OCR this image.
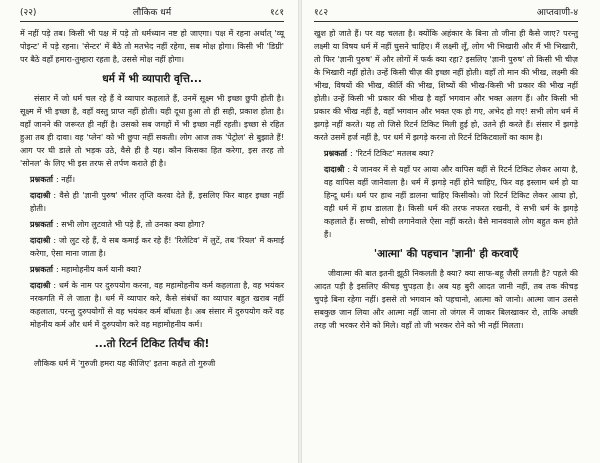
(२२)	लौकिक धर्म	१८१

में नहीं पड़े तब। किसी भी पक्ष में पड़े तो धर्मध्यान नष्ट हो जाएगा। पक्ष में रहना अर्थात् 'व्यू पोइन्ट' में पड़े रहना। 'सेन्टर' में बैठे तो मतभेद नहीं रहेगा, सब मोक्ष होगा। किसी भी 'डिग्री' पर बैठे वहाँ हमारा-तुम्हारा रहता है, उससे मोक्ष नहीं होगा।

धर्म में भी व्यापारी वृत्ति...

संसार में जो धर्म चल रहे हैं वे व्यापार कहलाते हैं, उनमें सूक्ष्म भी इच्छा छुपी होती है। सूक्ष्म में भी इच्छा है, वहाँ वस्तु प्राप्त नहीं होती। यही दूधा हुआ तो ही सही, प्रकाश होता है। वहाँ जानने की जरूरत ही नहीं है। उसको सब जगहों में भी इच्छा नहीं रहती। इच्छा से रहित हुआ तब ही दावा। वह 'प्लेन' को भी छुपा नहीं सकती। लोग आज तक 'पेट्रोल' से बुझाते हैं! आग पर घी डाले तो भड़क उठे, वैसे ही है यह। कौन किसका हित करेगा, इस तरह तो 'सोनल' के लिए भी इस तरफ से तर्पण कराते ही है।

प्रश्नकर्ता : नहीं।

दादाश्री : वैसे ही 'ज्ञानी पुरुष' भीतर तृप्ति करवा देते हैं, इसलिए फिर बाहर इच्छा नहीं होती।

प्रश्नकर्ता : सभी लोग लुटवाते भी पड़े हैं, तो उनका क्या होगा?

दादाश्री : जो लुट रहे हैं, वे सब कमाई कर रहे हैं! 'रिलेटिव' में लुटें, तब 'रियल' में कमाई करेगा, ऐसा माना जाता है।

प्रश्नकर्ता : महामोहनीय कर्म यानी क्या?

दादाश्री : धर्म के नाम पर दुरुपयोग करना, वह महामोहनीय कर्म कहलाता है, वह भयंकर नरकगति में ले जाता है। धर्म में व्यापार करे, कैसे संबंधों का व्यापार बहुत खराब नहीं कहलाता, परन्तु दुरुपयोगों से वह भयंकर कर्म बाँधता है। अब संसार में दुरुपयोग करें वह मोहनीय कर्म और धर्म में दुरुपयोग करे वह महामोहनीय कर्म।

...तो रिटर्न टिकिट तिर्यंच की!

लौकिक धर्म में 'गुरुजी हमरा यह कीजिए' इतना कहते तो गुरुजी

१८२	आप्तवाणी-४

खुश हो जाते हैं। पर वह चलता है। क्योंकि अहंकार के बिना तो जीना ही कैसे जाए? परन्तु लक्ष्मी या विषय धर्म में नहीं घुसने चाहिए। मैं लक्ष्मी लूँ, लोग भी भिखारी और मैं भी भिखारी, तो फिर 'ज्ञानी पुरुष' में और लोगों में फर्क क्या रहा? इसलिए 'ज्ञानी पुरुष' तो किसी भी चीज़ के भिखारी नहीं होते। उन्हें किसी चीज़ की इच्छा नहीं होती। वहाँ तो मान की भीख, लक्ष्मी की भीख, विषयों की भीख, कीर्ति की भीख, शिष्यों की भीख-किसी भी प्रकार की भीख नहीं होती। उन्हें किसी भी प्रकार की भीख है वहाँ भगवान और भक्त अलग हैं। और किसी भी प्रकार की भीख नहीं है, वहाँ भगवान और भक्त एक हो गए, अभेद हो गए! सभी लोग धर्म में झगड़े नहीं करते। यह तो जिसे रिटर्न टिकिट मिली हुई हो, उतने ही करते हैं। संसार में झगड़े करते उसमें हर्ज नहीं है, पर धर्म में झगड़े करना तो रिटर्न टिकिटवालों का काम है।

प्रश्नकर्ता : 'रिटर्न टिकिट' मतलब क्या?

दादाश्री : ये जानवर में से यहाँ पर आया और वापिस वहीं से रिटर्न टिकिट लेकर आया है, वह वापिस वहीं जानेवाला है। धर्म में झगड़े नहीं होने चाहिए, फिर वह इस्लाम धर्म हो या हिन्दू धर्म। धर्म पर हाथ नहीं डालना चाहिए किसीको। जो रिटर्न टिकिट लेकर आया हो, वही धर्म में हाथ डालता है। किसी धर्म की तरफ नफरत रखनी, वे सभी धर्म के झगड़े कहलाते हैं। सच्ची, सोची लगानेवाले ऐसा नहीं करते। वैसे मानववाले लोग बहुत कम होते हैं।

'आत्मा' की पहचान 'ज्ञानी' ही करवाएँ

जीवात्मा की बात इतनी झूठी निकलती है क्या? क्या साफ-बहू जैसी लगती है? पहले की आदत पड़ी है इसलिए कीचड़ चुपड़ता है। अब यह बुरी आदत जानी नहीं, तब तक कीचड़ चुपड़े बिना रहेगा नहीं। इससे तो भगवान को पहचानो, आत्मा को जानो। आत्मा जान उससे सबकुछ जान लिया और आत्मा नहीं जाना तो जंगल में जाकर बिलखाकर रो, ताकि अच्छी तरह जी भरकर रोने को मिले। वहाँ तो जी भरकर रोने को भी नहीं मिलता।
